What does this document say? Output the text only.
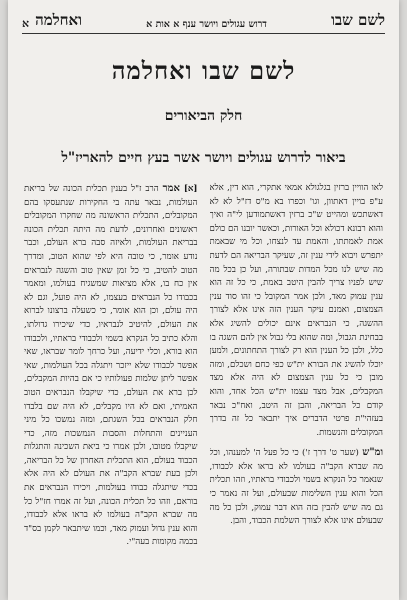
לשם שבו
דרוש עגולים ויושר ענף א אות א
ואחלמה
א
לשם שבו ואחלמה
חלק הביאורים
ביאור לדרוש עגולים ויושר אשר בעץ חיים להאריז"ל

[א] אמר הרב ז"ל בענין תכלית הכונה של בריאת העולמות, נבאר עתה בי החקירות שנתעסקו בהם המקובלים, התכלית הראשונה מה שחקרו המקובלים ראשונים ואחרונים, לדעת מה היתה תכלית הכונה בבריאת העולמות, ולאיזה סבה ברא העולם, וכבר נודע אומר, כי טובה היא לפי שהוא הטוב, ומדרך הטוב להטיב, כי כל זמן שאין טוב והשגה לנבראים אין כח בו, אלא מציאות שמשגיח בעולמו, ומאמר בכבודו כל הנבראים בעצמו, לא היה פועל, וגם לא היה עולם, וכן הוא אומר, כי כשעלה ברצונו לברוא את העולם, להיטיב לנבראיו, כדי שיכירו גדולתו, והלא כתיב כל הנקרא בשמי ולכבודי בראתיו, ולכבודו הוא בורא, וכלי ידיעה, ועל כרחך לומר שבראו, שאי אפשר לכבודו שלא ייזכר ויתגלה בכל העולמות, שאי אפשר ליתן שלמות פעולותיו כי אם בהיות המקבלים, לכן ברא את העולם, כדי שיקבלו הנבראים הטוב האמיתי, ואם לא היו מקבלים, לא היה שם בלבדו חלק הנבראים בכל השגתם, ומזה נמשכו כל מיני העניינים והתחלות והסבות הנמשכות מזה, כדי שיקבלו מטובו, ולכן אמרו כי ביאת השכינה והתגלות הכבוד בעולם, הוא התכלית האחרון של כל הבריאה, ולכן בעת שברא הקב"ה את העולם לא היה אלא בכדי שיתגלה כבודו בעולמות, ויכירו הנבראים את בוראם, וזהו כל תכלית הכונה, ועל זה אמרו חז"ל כל מה שברא הקב"ה בעולמו לא בראו אלא לכבודו, והוא ענין גדול ועמוק מאד, וכמו שיתבאר לקמן בס"ד בכמה מקומות בעה"י.

לאו הוויין ברזין בגלגולא אמאי אתקרי, הוא דין, אלא ע"פ בויין דאתוון, וגו' וכפרו בא מ"ס דז"ל לא לא דאשתכש ומהייט ש"כ ברזין דאשתמודען לי"ה ואיך והוא רבונא דכולא וכל האורות, וכאשר יובנו הם כולם אמת לאמתתו, והאמת עד לנצחו, וכל מי שבאמת יתפרש ויבוא לידי ענין זה, שעיקר הבריאה הם לדעת מה שיש לנו מכל המדות שבתורה, ועל כן בכל מה שיש לפניו צריך להבין היטב באמת, כי כל זה הוא ענין עמוק מאד, ולכן אמר המקובל כי זהו סוד ענין הצמצום, ואמנם עיקר הענין הזה אינו אלא לצורך ההשגה, כי הנבראים אינם יכולים להשיג אלא בבחינת הגבול, ומה שהוא בלי גבול אין להם השגה בו כלל, ולכן כל הענין הוא רק לצורך התחתונים, ולמען יוכלו להשיג את הבורא ית"ש כפי כחם ושכלם, ומזה מובן כי כל ענין הצמצום לא היה אלא מצד המקבלים, אבל מצד עצמו ית"ש הכל אחד, והוא קודם כל הבריאה, והבן זה היטב, ואח"כ נבאר בעזהי"ת פרטי הדברים איך יתבאר כל זה בדרך המקובלים והנשמות.

ומ"ש (שער ט' דרך ז') כי כל פעל ה' למענהו, וכל מה שברא הקב"ה בעולמו לא בראו אלא לכבודו, שנאמר כל הנקרא בשמי ולכבודי בראתיו, וזהו תכלית הכל והוא ענין השלימות שבעולם, ועל זה נאמר כי גם מה שיש להבין בזה הוא דבר עמוק, ולכן כל מה שבעולם אינו אלא לצורך השלמת הכבוד, והבן.
